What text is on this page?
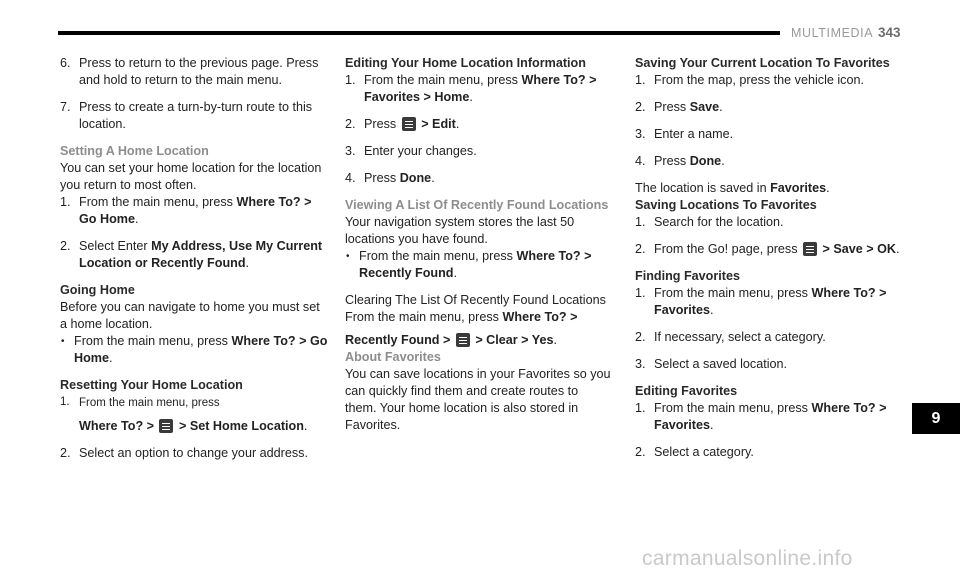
MULTIMEDIA 343
6. Press to return to the previous page. Press and hold to return to the main menu.
7. Press to create a turn-by-turn route to this location.

Setting A Home Location

You can set your home location for the location you return to most often.

1. From the main menu, press Where To? > Go Home.
2. Select Enter My Address, Use My Current Location or Recently Found.

Going Home

Before you can navigate to home you must set a home location.

• From the main menu, press Where To? > Go Home.

Resetting Your Home Location

1. From the main menu, press
Where To? > > Set Home Location.
2. Select an option to change your address.

Editing Your Home Location Information

1. From the main menu, press Where To? > Favorites > Home.
2. Press > Edit.
3. Enter your changes.
4. Press Done.

Viewing A List Of Recently Found Locations

Your navigation system stores the last 50 locations you have found.

• From the main menu, press Where To? > Recently Found.

Clearing The List Of Recently Found Locations

From the main menu, press Where To? >
Recently Found > > Clear > Yes.

About Favorites

You can save locations in your Favorites so you can quickly find them and create routes to them. Your home location is also stored in Favorites.

Saving Your Current Location To Favorites

1. From the map, press the vehicle icon.
2. Press Save.
3. Enter a name.
4. Press Done.

The location is saved in Favorites.

Saving Locations To Favorites

1. Search for the location.
2. From the Go! page, press > Save > OK.

Finding Favorites

1. From the main menu, press Where To? > Favorites.
2. If necessary, select a category.
3. Select a saved location.

Editing Favorites

1. From the main menu, press Where To? > Favorites.
2. Select a category.
9
carmanualsonline.info
